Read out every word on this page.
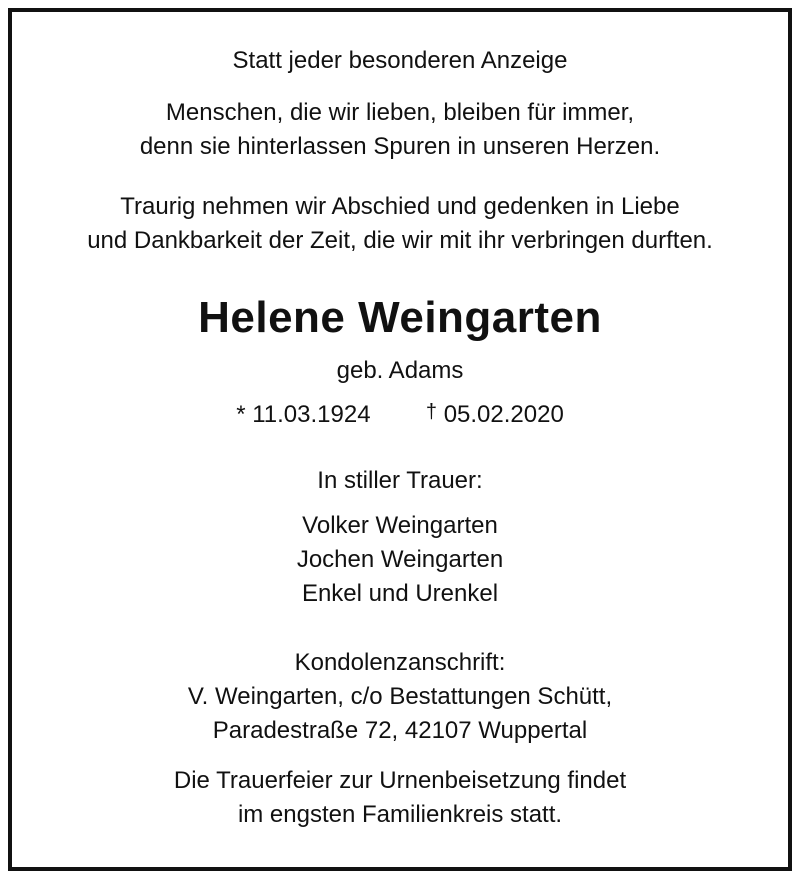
Statt jeder besonderen Anzeige
Menschen, die wir lieben, bleiben für immer,
denn sie hinterlassen Spuren in unseren Herzen.
Traurig nehmen wir Abschied und gedenken in Liebe
und Dankbarkeit der Zeit, die wir mit ihr verbringen durften.
Helene Weingarten
geb. Adams
* 11.03.1924	† 05.02.2020
In stiller Trauer:
Volker Weingarten
Jochen Weingarten
Enkel und Urenkel
Kondolenzanschrift:
V. Weingarten, c/o Bestattungen Schütt,
Paradestraße 72, 42107 Wuppertal
Die Trauerfeier zur Urnenbeisetzung findet
im engsten Familienkreis statt.
